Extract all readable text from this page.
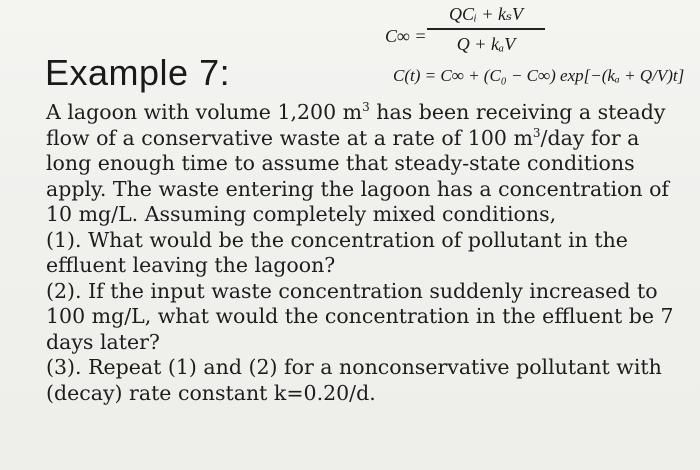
C∞ =
QCᵢ + kₛV
Q + kₐV
C(t) = C∞ + (C₀ − C∞) exp[−(kₐ + Q/V)t]
Example 7:

A lagoon with volume 1,200 $m^3$ has been receiving a steady flow of a conservative waste at a rate of 100 $m^3$/day for a long enough time to assume that steady-state conditions apply. The waste entering the lagoon has a concentration of 10 mg/L. Assuming completely mixed conditions,

(1). What would be the concentration of pollutant in the effluent leaving the lagoon?

(2). If the input waste concentration suddenly increased to 100 mg/L, what would the concentration in the effluent be 7 days later?

(3). Repeat (1) and (2) for a nonconservative pollutant with (decay) rate constant k=0.20/d.
